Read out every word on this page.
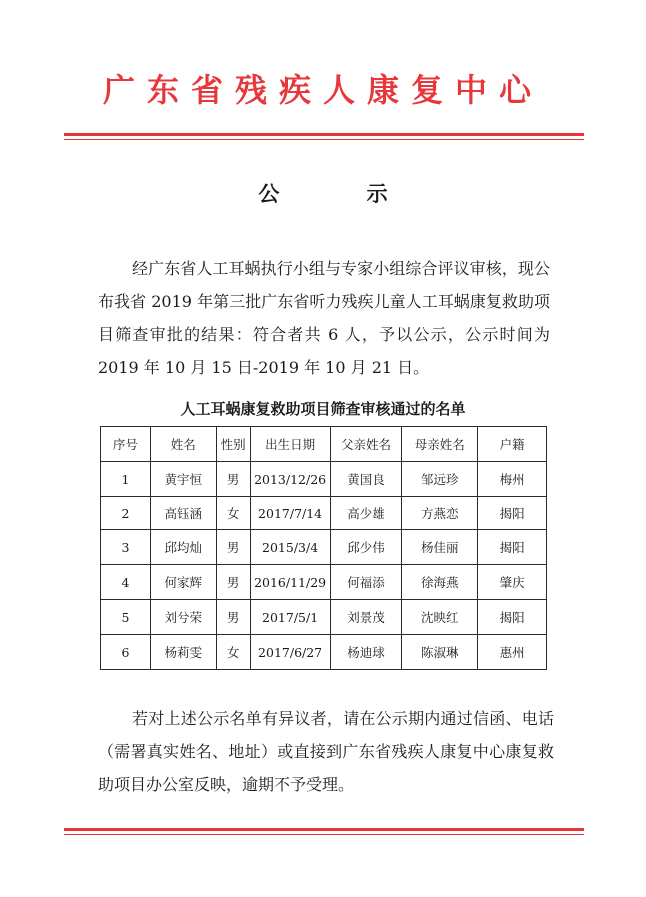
广东省残疾人康复中心
公 示
经广东省人工耳蜗执行小组与专家小组综合评议审核，现公布我省 2019 年第三批广东省听力残疾儿童人工耳蜗康复救助项目筛查审批的结果：符合者共 6 人，予以公示，公示时间为 2019 年 10 月 15 日-2019 年 10 月 21 日。
人工耳蜗康复救助项目筛查审核通过的名单
序号	姓名	性别	出生日期	父亲姓名	母亲姓名	户籍
1	黄宇恒	男	2013/12/26	黄国良	邹远珍	梅州
2	高钰涵	女	2017/7/14	高少雄	方燕恋	揭阳
3	邱均灿	男	2015/3/4	邱少伟	杨佳丽	揭阳
4	何家辉	男	2016/11/29	何福添	徐海燕	肇庆
5	刘兮荣	男	2017/5/1	刘景茂	沈映红	揭阳
6	杨莉雯	女	2017/6/27	杨迪球	陈淑琳	惠州
若对上述公示名单有异议者，请在公示期内通过信函、电话（需署真实姓名、地址）或直接到广东省残疾人康复中心康复救助项目办公室反映，逾期不予受理。
